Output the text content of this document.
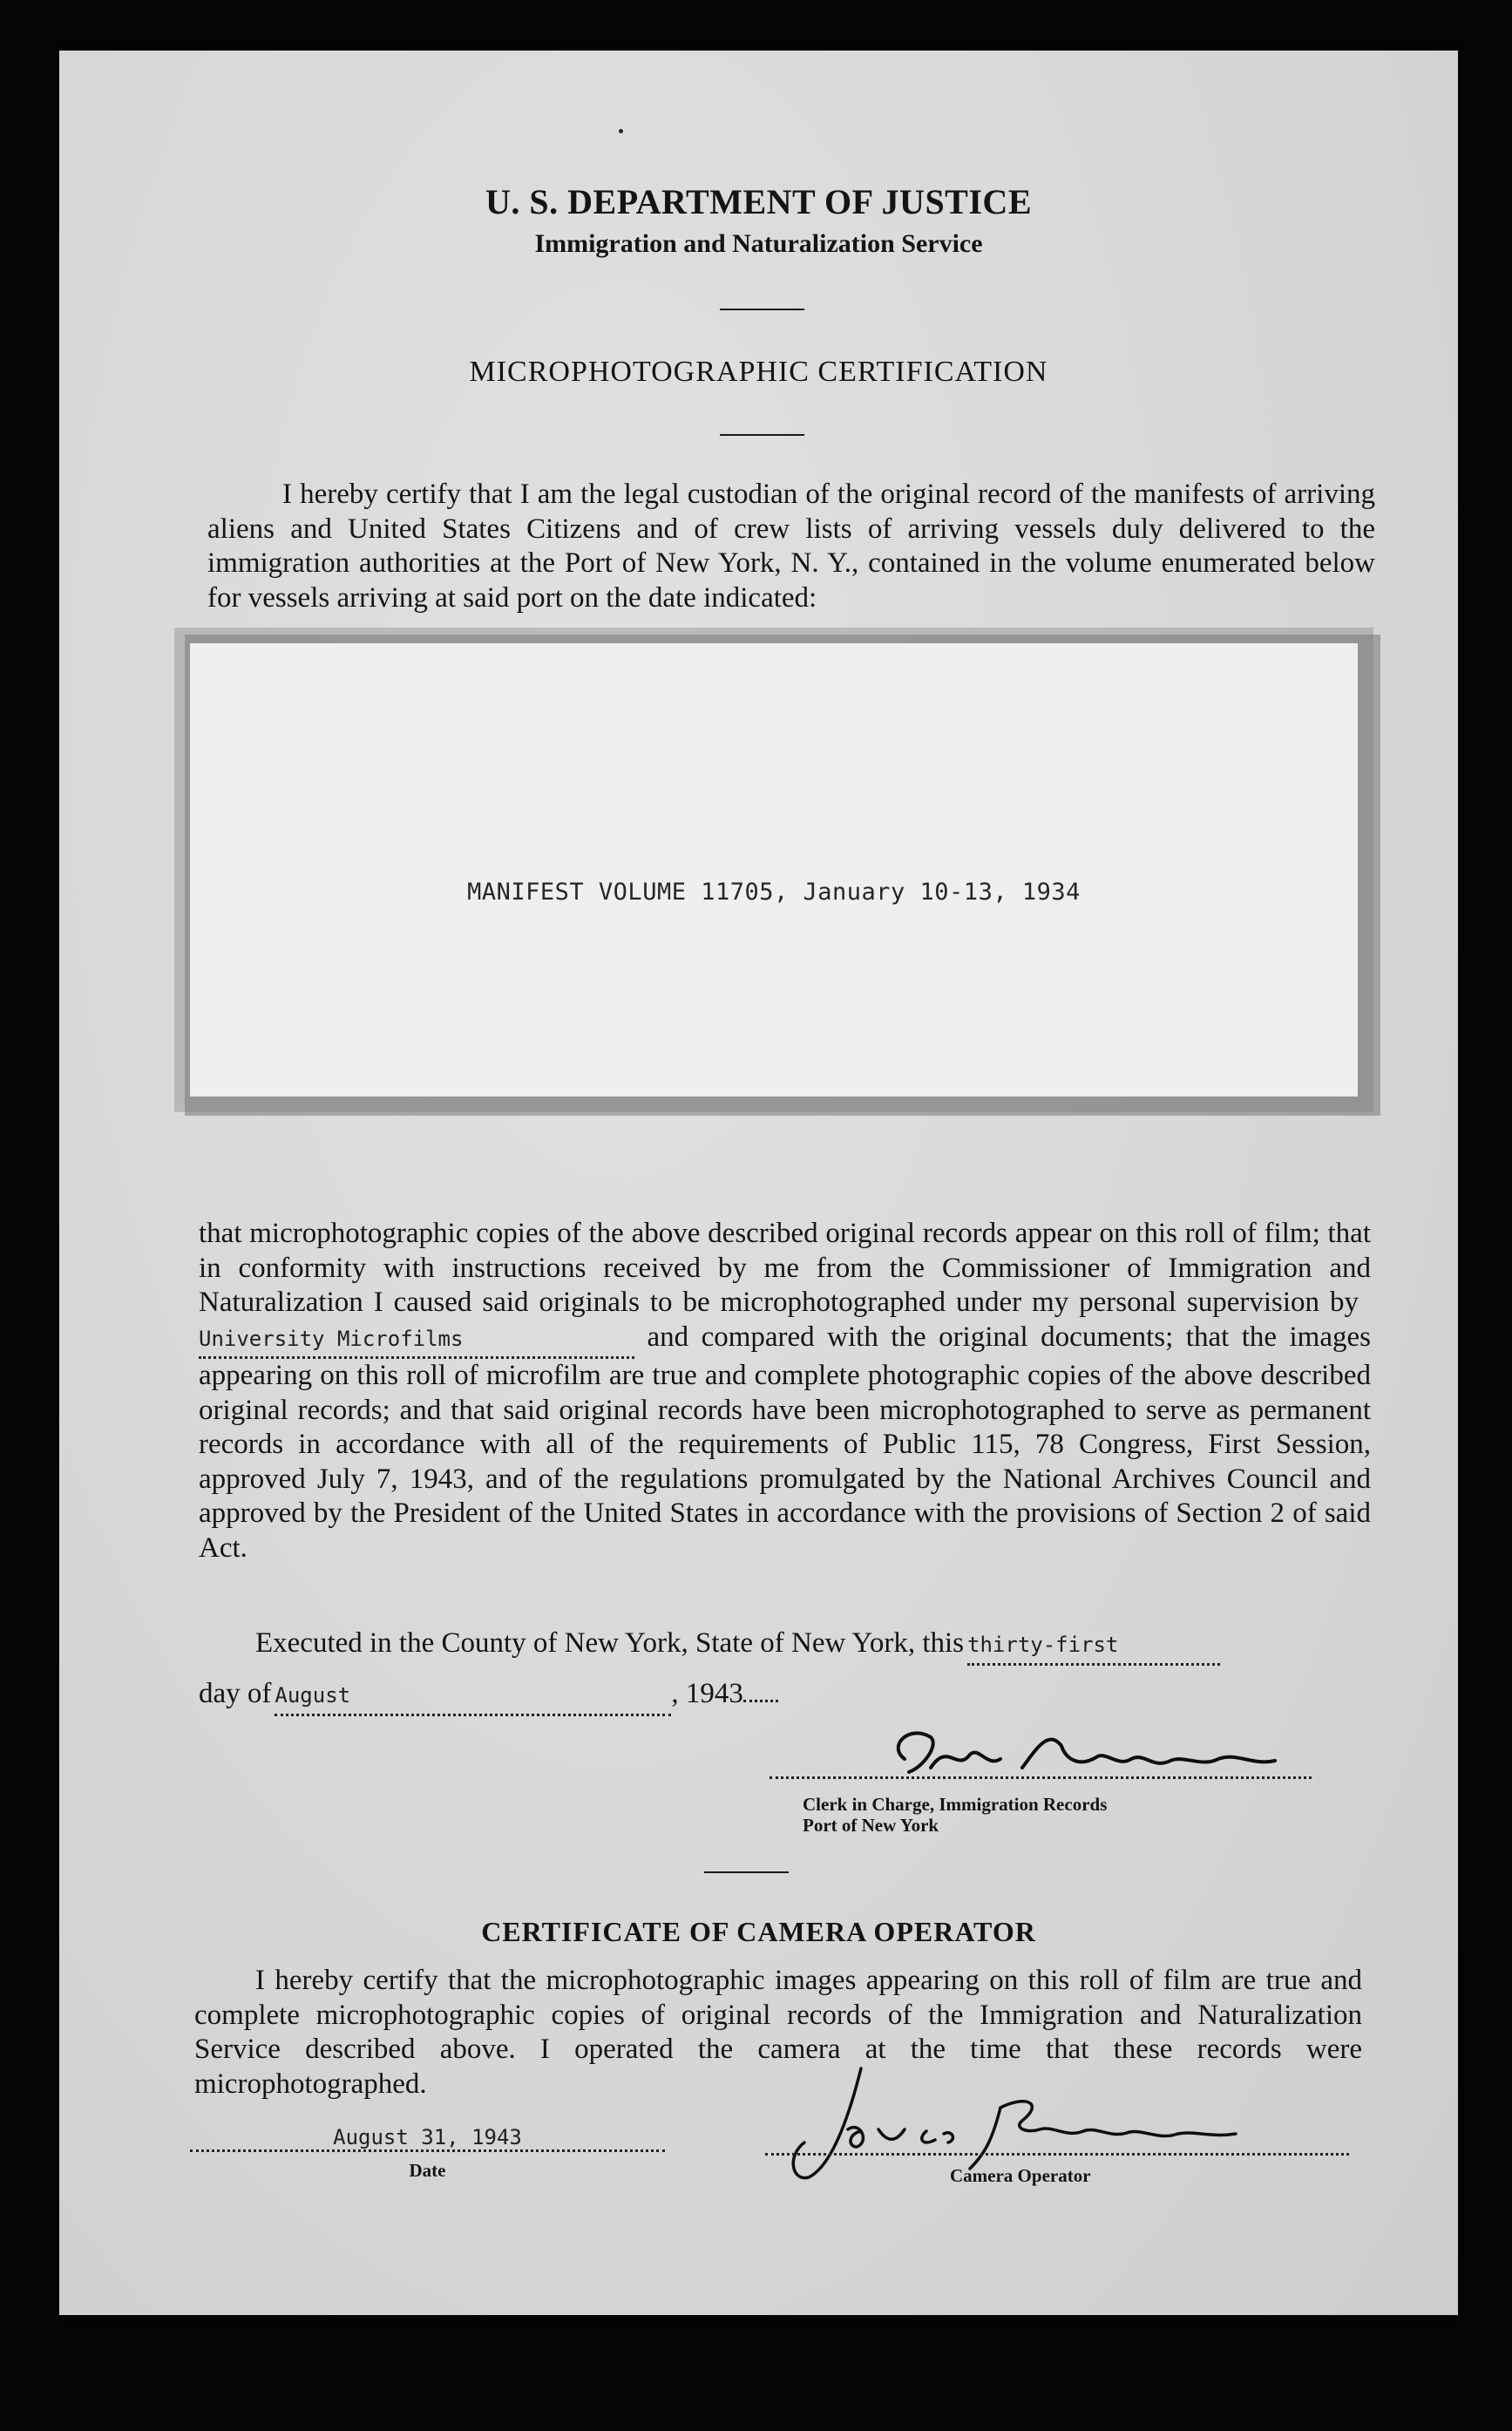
U. S. DEPARTMENT OF JUSTICE
Immigration and Naturalization Service
MICROPHOTOGRAPHIC CERTIFICATION
I hereby certify that I am the legal custodian of the original record of the manifests of arriving aliens and United States Citizens and of crew lists of arriving vessels duly delivered to the immigration authorities at the Port of New York, N. Y., contained in the volume enumerated below for vessels arriving at said port on the date indicated:
MANIFEST VOLUME 11705, January 10-13, 1934
that microphotographic copies of the above described original records appear on this roll of film; that in conformity with instructions received by me from the Commissioner of Immigration and Naturalization I caused said originals to be microphotographed under my personal supervision byUniversity Microfilms	and compared with the original documents; that the images appearing on this roll of microfilm are true and complete photographic copies of the above described original records; and that said original records have been microphotographed to serve as permanent records in accordance with all of the requirements of Public 115, 78 Congress, First Session, approved July 7, 1943, and of the regulations promulgated by the National Archives Council and approved by the President of the United States in accordance with the provisions of Section 2 of said Act.
Executed in the County of New York, State of New York, this thirty-first
day of August	, 1943
Clerk in Charge, Immigration Records
Port of New York
CERTIFICATE OF CAMERA OPERATOR
I hereby certify that the microphotographic images appearing on this roll of film are true and complete microphotographic copies of original records of the Immigration and Naturalization Service described above. I operated the camera at the time that these records were microphotographed.
August 31, 1943
Date	Camera Operator
